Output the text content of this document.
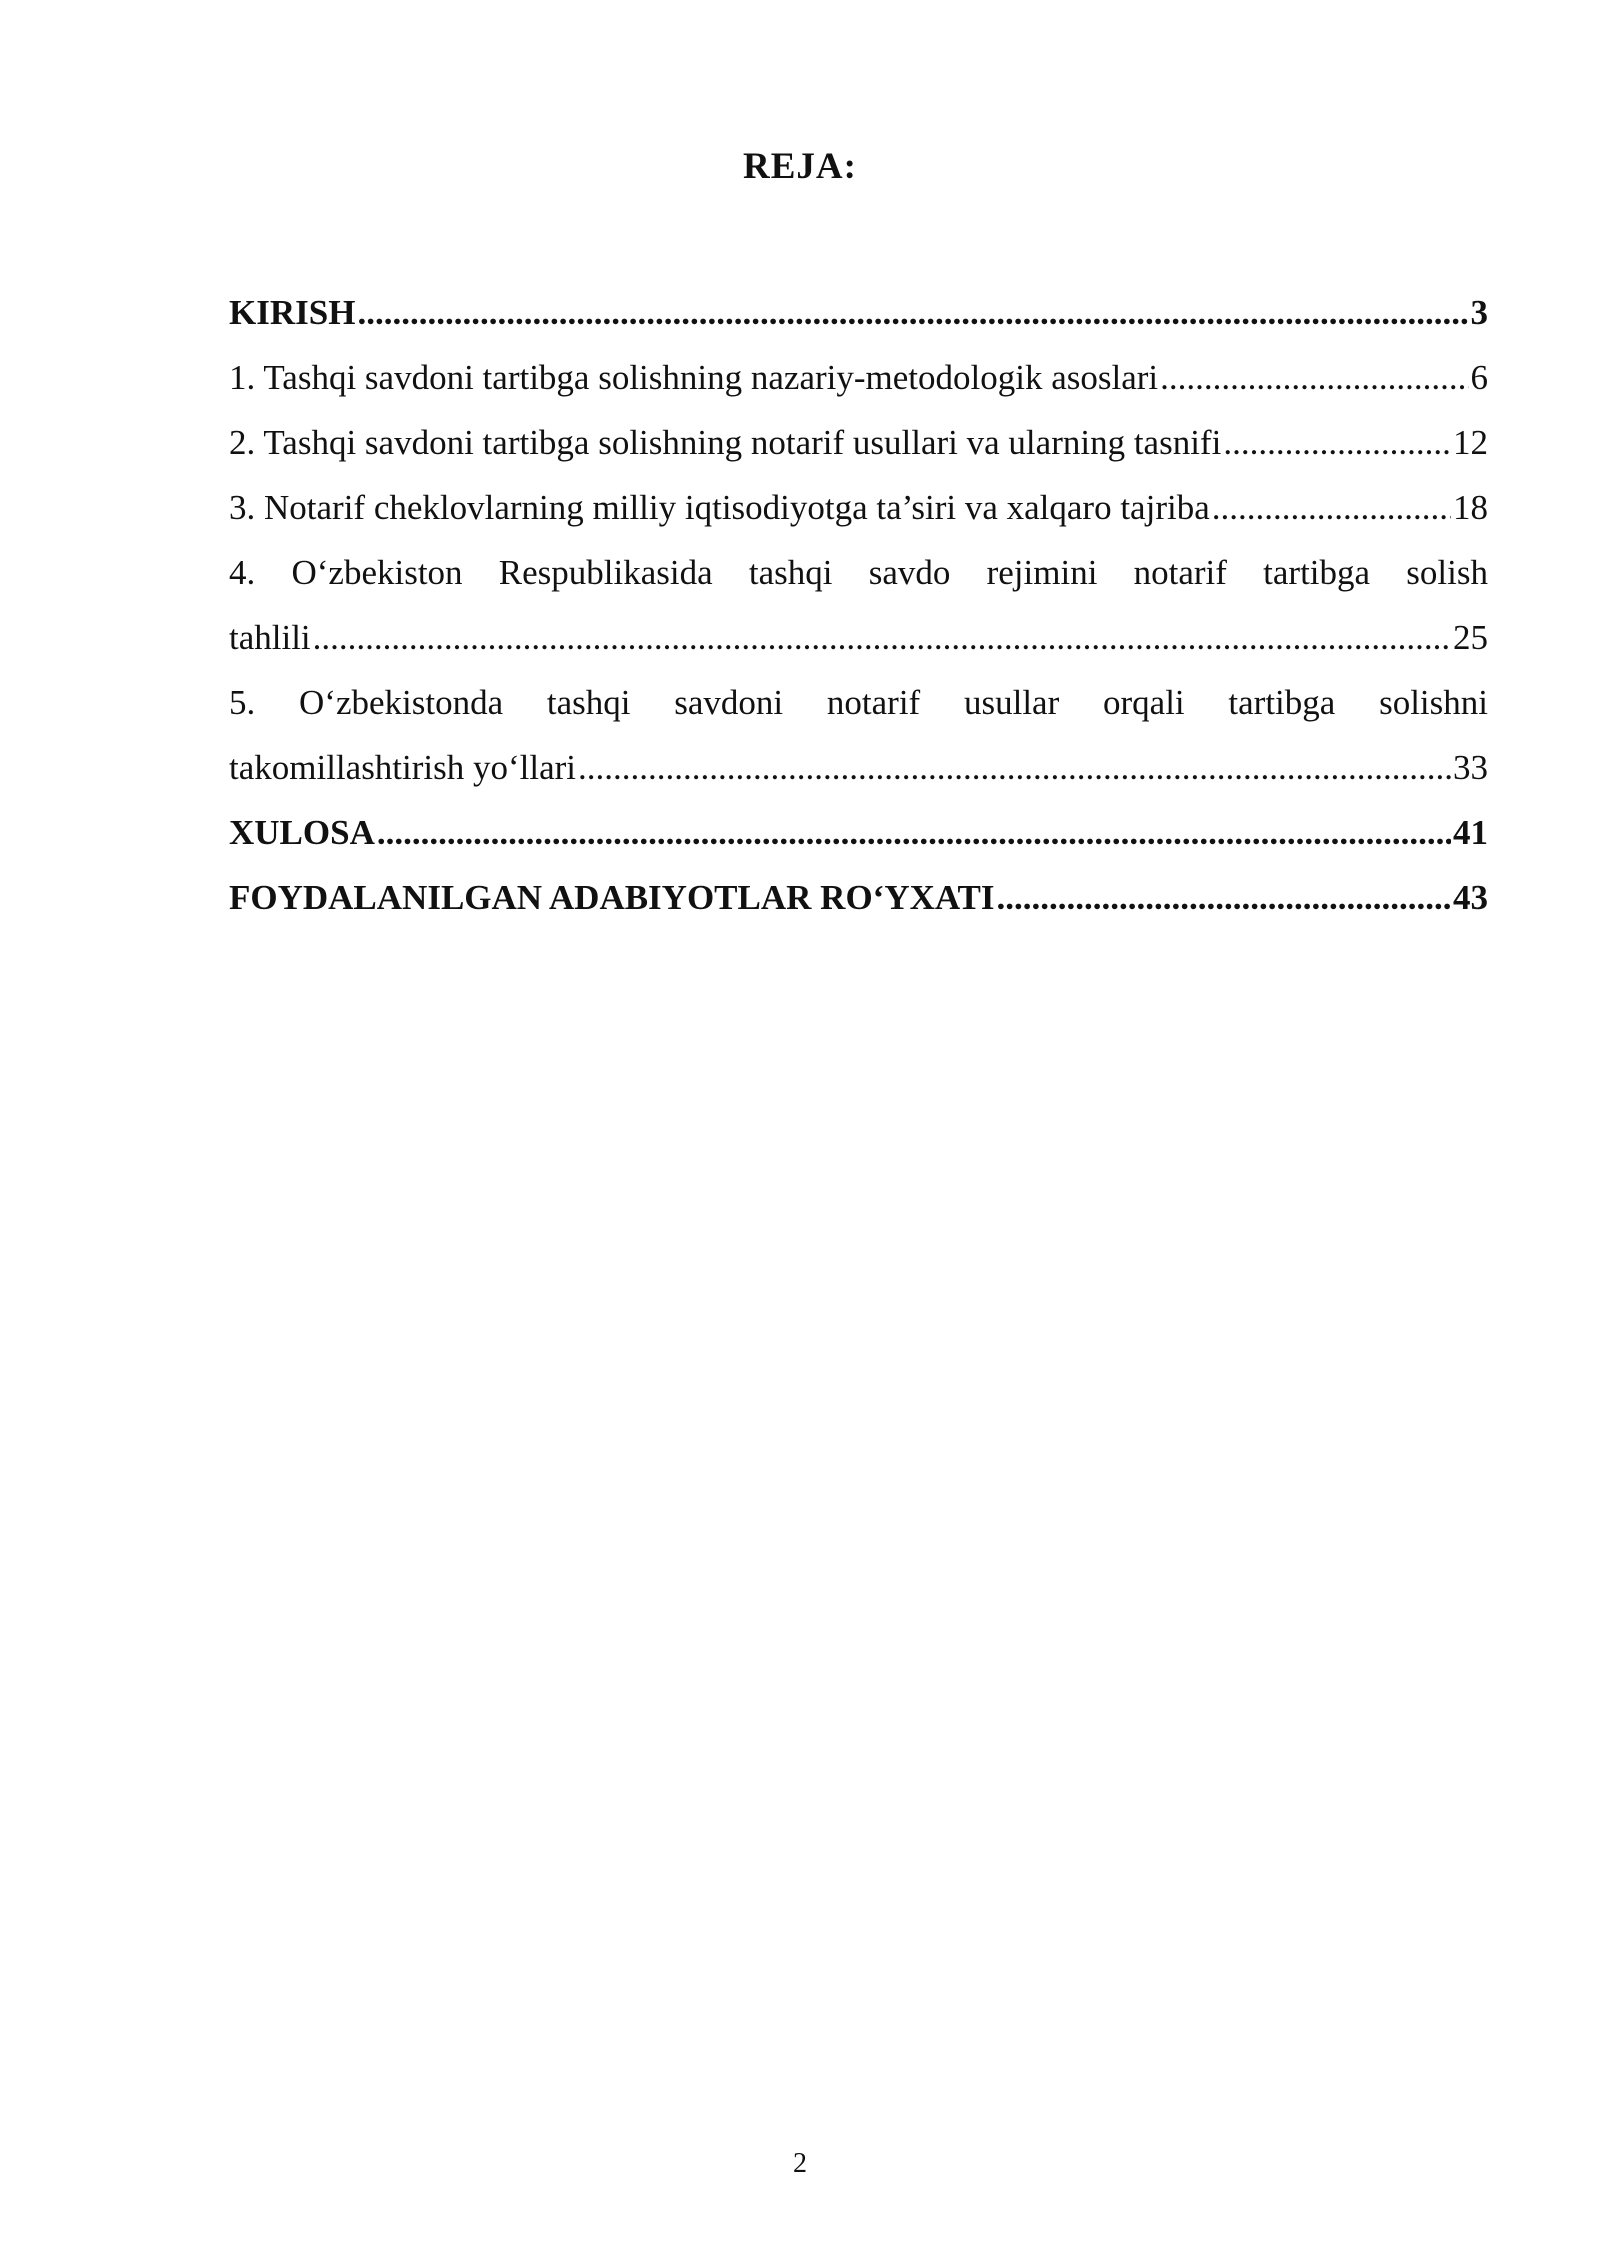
REJA:
KIRISH .....	3
1. Tashqi savdoni tartibga solishning nazariy-metodologik asoslari .....	6
2. Tashqi savdoni tartibga solishning notarif usullari va ularning tasnifi .....	12
3. Notarif cheklovlarning milliy iqtisodiyotga ta’siri va xalqaro tajriba .....	18
4. O‘zbekiston Respublikasida tashqi savdo rejimini notarif tartibga solish
tahlili .....	25
5. O‘zbekistonda tashqi savdoni notarif usullar orqali tartibga solishni
takomillashtirish yo‘llari .....	33
XULOSA .....	41
FOYDALANILGAN ADABIYOTLAR RO‘YXATI .....	43
2
